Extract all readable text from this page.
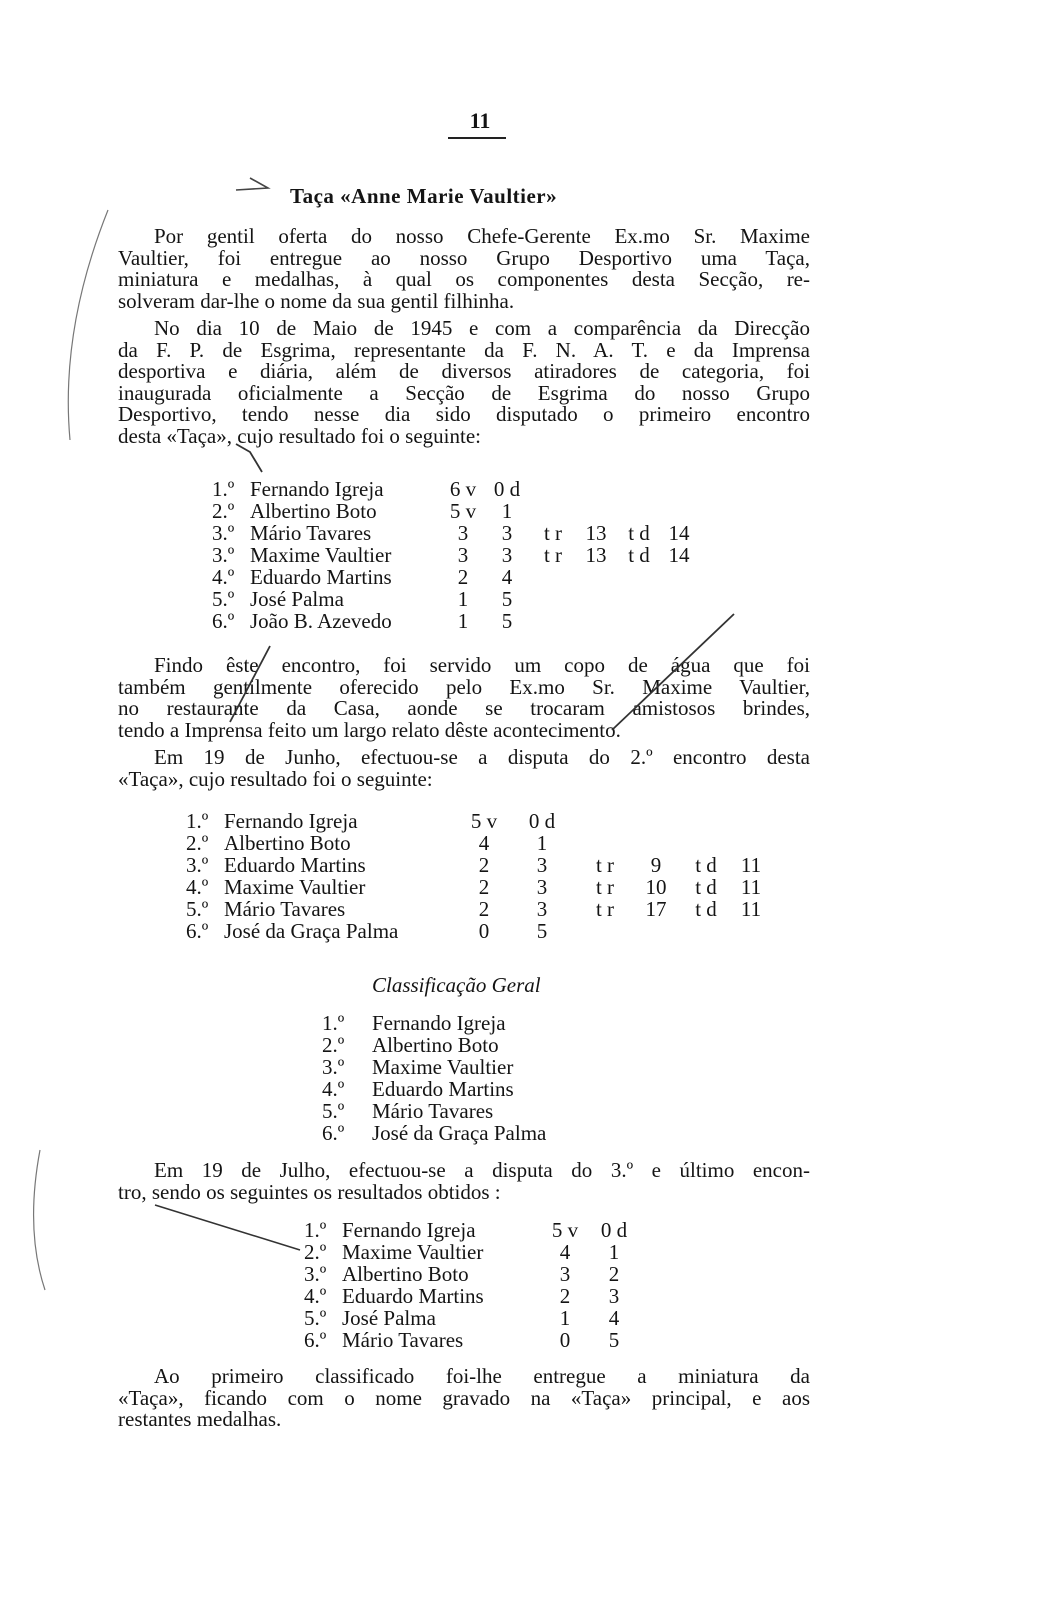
11
Taça «Anne Marie Vaultier»
Por gentil oferta do nosso Chefe-Gerente Ex.mo Sr. Maxime
Vaultier, foi entregue ao nosso Grupo Desportivo uma Taça,
miniatura e medalhas, à qual os componentes desta Secção, re-
solveram dar-lhe o nome da sua gentil filhinha.
No dia 10 de Maio de 1945 e com a comparência da Direcção
da F. P. de Esgrima, representante da F. N. A. T. e da Imprensa
desportiva e diária, além de diversos atiradores de categoria, foi
inaugurada oficialmente a Secção de Esgrima do nosso Grupo
Desportivo, tendo nesse dia sido disputado o primeiro encontro
desta «Taça», cujo resultado foi o seguinte:
1.º	Fernando Igreja	6 v	0 d				
2.º	Albertino Boto	5 v	1				
3.º	Mário Tavares	3	3	t r	13	t d	14
3.º	Maxime Vaultier	3	3	t r	13	t d	14
4.º	Eduardo Martins	2	4				
5.º	José Palma	1	5				
6.º	João B. Azevedo	1	5				
Findo êste encontro, foi servido um copo de água que foi
também gentilmente oferecido pelo Ex.mo Sr. Maxime Vaultier,
no restaurante da Casa, aonde se trocaram amistosos brindes,
tendo a Imprensa feito um largo relato dêste acontecimento.
Em 19 de Junho, efectuou-se a disputa do 2.º encontro desta
«Taça», cujo resultado foi o seguinte:
1.º	Fernando Igreja	5 v	0 d				
2.º	Albertino Boto	4	1				
3.º	Eduardo Martins	2	3	t r	9	t d	11
4.º	Maxime Vaultier	2	3	t r	10	t d	11
5.º	Mário Tavares	2	3	t r	17	t d	11
6.º	José da Graça Palma	0	5				
Classificação Geral
1.º	Fernando Igreja
2.º	Albertino Boto
3.º	Maxime Vaultier
4.º	Eduardo Martins
5.º	Mário Tavares
6.º	José da Graça Palma
Em 19 de Julho, efectuou-se a disputa do 3.º e último encon-
tro, sendo os seguintes os resultados obtidos :
1.º	Fernando Igreja	5 v	0 d
2.º	Maxime Vaultier	4	1
3.º	Albertino Boto	3	2
4.º	Eduardo Martins	2	3
5.º	José Palma	1	4
6.º	Mário Tavares	0	5
Ao primeiro classificado foi-lhe entregue a miniatura da
«Taça», ficando com o nome gravado na «Taça» principal, e aos
restantes medalhas.
